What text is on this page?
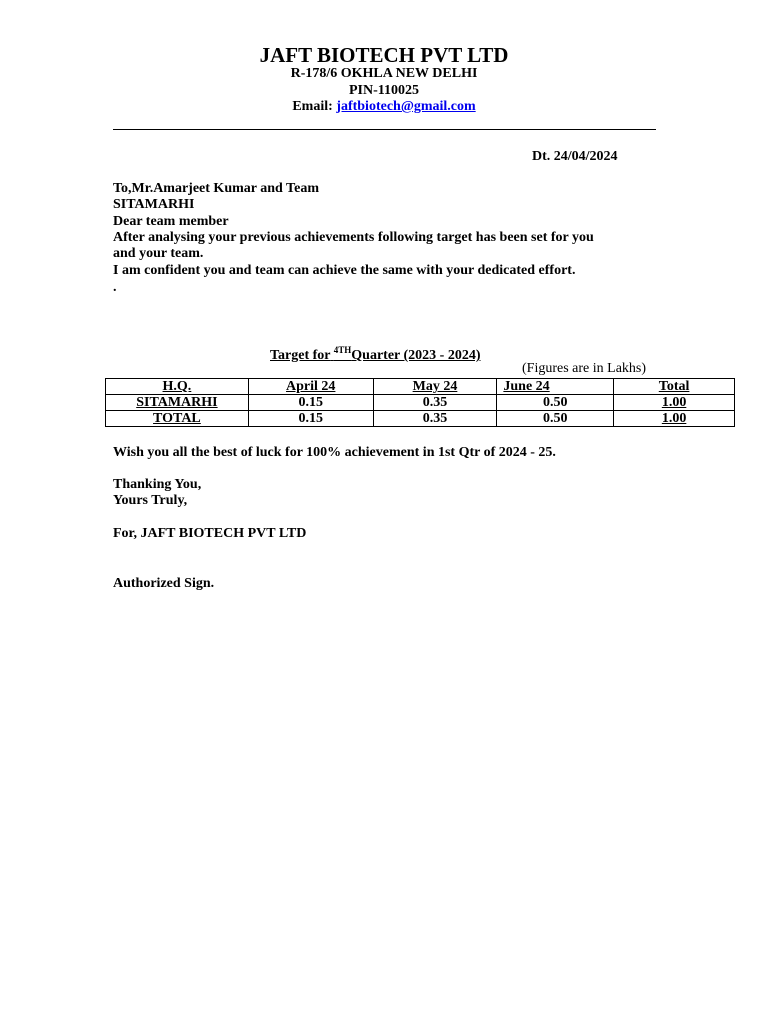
JAFT BIOTECH PVT LTD
R-178/6 OKHLA NEW DELHI
PIN-110025
Email: jaftbiotech@gmail.com
Dt. 24/04/2024
To,Mr.Amarjeet Kumar and Team
SITAMARHI
Dear team member
After analysing your previous achievements following target has been set for you
and your team.
I am confident you and team can achieve the same with your dedicated effort.
.
Target for $^{4TH}$Quarter (2023 - 2024)
(Figures are in Lakhs)
H.Q.	April 24	May 24	June 24	Total
SITAMARHI	0.15	0.35	0.50	1.00
TOTAL	0.15	0.35	0.50	1.00
Wish you all the best of luck for 100% achievement in 1st Qtr of 2024 - 25.
Thanking You,
Yours Truly,
For, JAFT BIOTECH PVT LTD
Authorized Sign.
